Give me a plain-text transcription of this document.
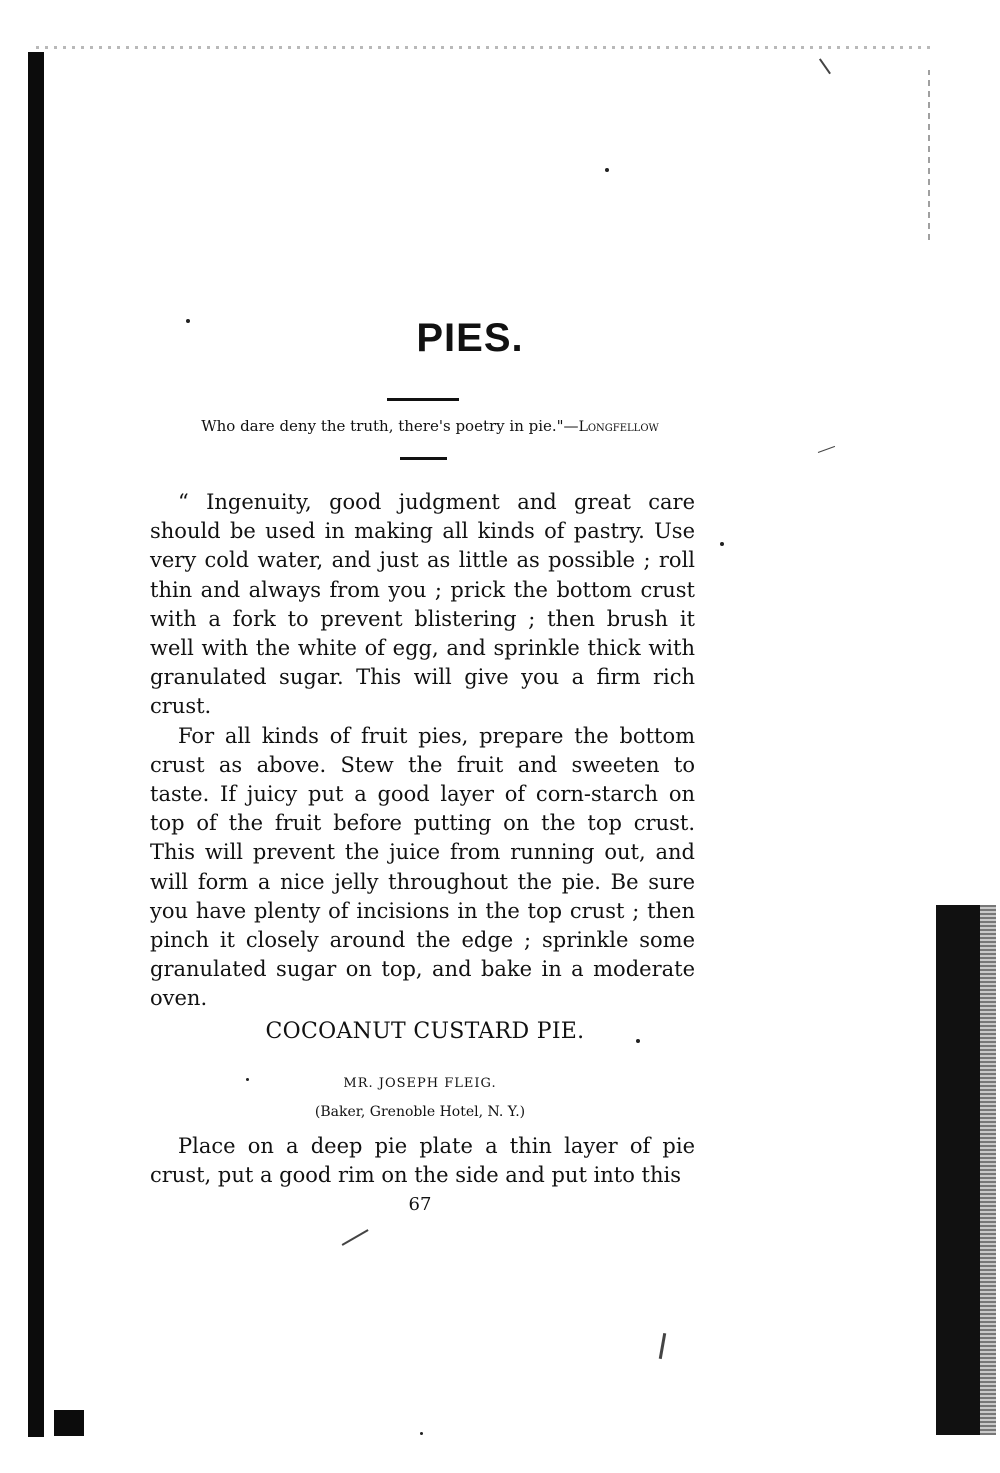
PIES.
Who dare deny the truth, there's poetry in pie."—Longfellow

“ Ingenuity, good judgment and great care should be used in making all kinds of pastry. Use very cold water, and just as little as possible ; roll thin and always from you ; prick the bottom crust with a fork to prevent blistering ; then brush it well with the white of egg, and sprinkle thick with granulated sugar. This will give you a firm rich crust.

For all kinds of fruit pies, prepare the bottom crust as above. Stew the fruit and sweeten to taste. If juicy put a good layer of corn-starch on top of the fruit before putting on the top crust. This will prevent the juice from running out, and will form a nice jelly throughout the pie. Be sure you have plenty of incisions in the top crust ; then pinch it closely around the edge ; sprinkle some granulated sugar on top, and bake in a moderate oven.

COCOANUT CUSTARD PIE.
MR. JOSEPH FLEIG.
(Baker, Grenoble Hotel, N. Y.)

Place on a deep pie plate a thin layer of pie crust, put a good rim on the side and put into this

67
